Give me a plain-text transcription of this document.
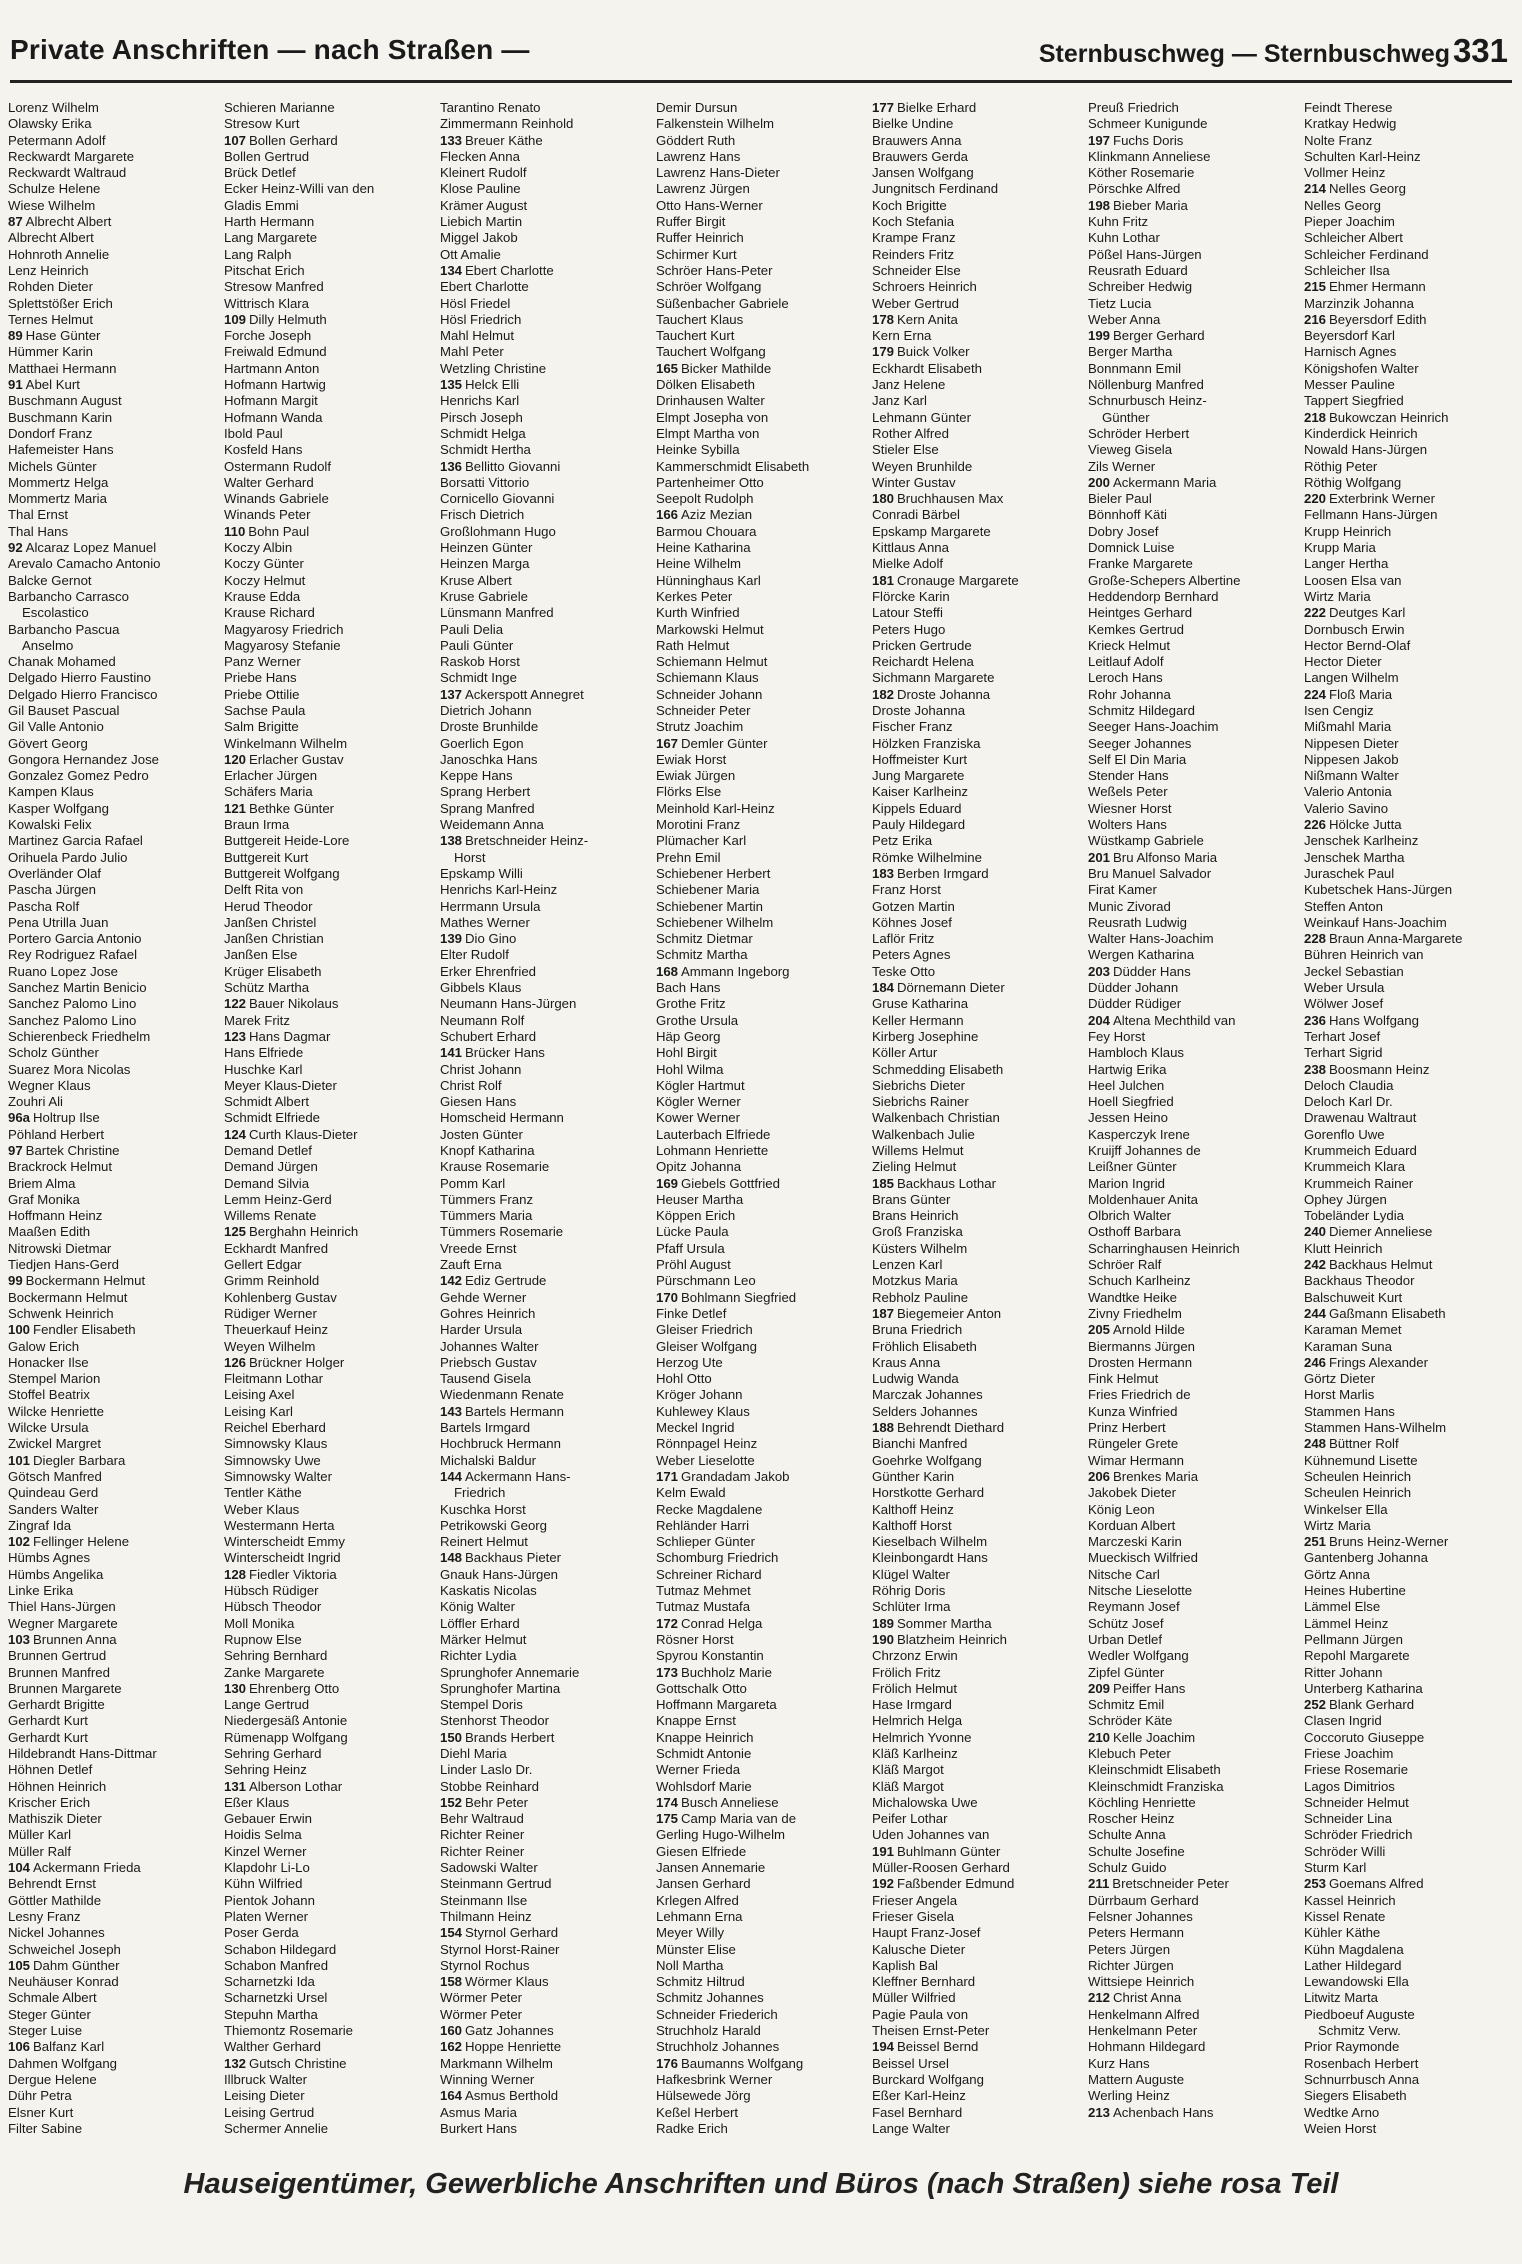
Private Anschriften — nach Straßen —	Sternbuschweg — Sternbuschweg 331
Lorenz Wilhelm
Olawsky Erika
Petermann Adolf
Reckwardt Margarete
Reckwardt Waltraud
Schulze Helene
Wiese Wilhelm
87 Albrecht Albert
Albrecht Albert
Hohnroth Annelie
Lenz Heinrich
Rohden Dieter
Splettstößer Erich
Ternes Helmut
89 Hase Günter
Hümmer Karin
Matthaei Hermann
91 Abel Kurt
Buschmann August
Buschmann Karin
Dondorf Franz
Hafemeister Hans
Michels Günter
Mommertz Helga
Mommertz Maria
Thal Ernst
Thal Hans
92 Alcaraz Lopez Manuel
Arevalo Camacho Antonio
Balcke Gernot
Barbancho Carrasco
Escolastico
Barbancho Pascua
Anselmo
Chanak Mohamed
Delgado Hierro Faustino
Delgado Hierro Francisco
Gil Bauset Pascual
Gil Valle Antonio
Gövert Georg
Gongora Hernandez Jose
Gonzalez Gomez Pedro
Kampen Klaus
Kasper Wolfgang
Kowalski Felix
Martinez Garcia Rafael
Orihuela Pardo Julio
Overländer Olaf
Pascha Jürgen
Pascha Rolf
Pena Utrilla Juan
Portero Garcia Antonio
Rey Rodriguez Rafael
Ruano Lopez Jose
Sanchez Martin Benicio
Sanchez Palomo Lino
Sanchez Palomo Lino
Schierenbeck Friedhelm
Scholz Günther
Suarez Mora Nicolas
Wegner Klaus
Zouhri Ali
96a Holtrup Ilse
Pöhland Herbert
97 Bartek Christine
Brackrock Helmut
Briem Alma
Graf Monika
Hoffmann Heinz
Maaßen Edith
Nitrowski Dietmar
Tiedjen Hans-Gerd
99 Bockermann Helmut
Bockermann Helmut
Schwenk Heinrich
100 Fendler Elisabeth
Galow Erich
Honacker Ilse
Stempel Marion
Stoffel Beatrix
Wilcke Henriette
Wilcke Ursula
Zwickel Margret
101 Diegler Barbara
Götsch Manfred
Quindeau Gerd
Sanders Walter
Zingraf Ida
102 Fellinger Helene
Hümbs Agnes
Hümbs Angelika
Linke Erika
Thiel Hans-Jürgen
Wegner Margarete
103 Brunnen Anna
Brunnen Gertrud
Brunnen Manfred
Brunnen Margarete
Gerhardt Brigitte
Gerhardt Kurt
Gerhardt Kurt
Hildebrandt Hans-Dittmar
Höhnen Detlef
Höhnen Heinrich
Krischer Erich
Mathiszik Dieter
Müller Karl
Müller Ralf
104 Ackermann Frieda
Behrendt Ernst
Göttler Mathilde
Lesny Franz
Nickel Johannes
Schweichel Joseph
105 Dahm Günther
Neuhäuser Konrad
Schmale Albert
Steger Günter
Steger Luise
106 Balfanz Karl
Dahmen Wolfgang
Dergue Helene
Dühr Petra
Elsner Kurt
Filter Sabine
Schieren Marianne
Stresow Kurt
107 Bollen Gerhard
Bollen Gertrud
Brück Detlef
Ecker Heinz-Willi van den
Gladis Emmi
Harth Hermann
Lang Margarete
Lang Ralph
Pitschat Erich
Stresow Manfred
Wittrisch Klara
109 Dilly Helmuth
Forche Joseph
Freiwald Edmund
Hartmann Anton
Hofmann Hartwig
Hofmann Margit
Hofmann Wanda
Ibold Paul
Kosfeld Hans
Ostermann Rudolf
Walter Gerhard
Winands Gabriele
Winands Peter
110 Bohn Paul
Koczy Albin
Koczy Günter
Koczy Helmut
Krause Edda
Krause Richard
Magyarosy Friedrich
Magyarosy Stefanie
Panz Werner
Priebe Hans
Priebe Ottilie
Sachse Paula
Salm Brigitte
Winkelmann Wilhelm
120 Erlacher Gustav
Erlacher Jürgen
Schäfers Maria
121 Bethke Günter
Braun Irma
Buttgereit Heide-Lore
Buttgereit Kurt
Buttgereit Wolfgang
Delft Rita von
Herud Theodor
Janßen Christel
Janßen Christian
Janßen Else
Krüger Elisabeth
Schütz Martha
122 Bauer Nikolaus
Marek Fritz
123 Hans Dagmar
Hans Elfriede
Huschke Karl
Meyer Klaus-Dieter
Schmidt Albert
Schmidt Elfriede
124 Curth Klaus-Dieter
Demand Detlef
Demand Jürgen
Demand Silvia
Lemm Heinz-Gerd
Willems Renate
125 Berghahn Heinrich
Eckhardt Manfred
Gellert Edgar
Grimm Reinhold
Kohlenberg Gustav
Rüdiger Werner
Theuerkauf Heinz
Weyen Wilhelm
126 Brückner Holger
Fleitmann Lothar
Leising Axel
Leising Karl
Reichel Eberhard
Simnowsky Klaus
Simnowsky Uwe
Simnowsky Walter
Tentler Käthe
Weber Klaus
Westermann Herta
Winterscheidt Emmy
Winterscheidt Ingrid
128 Fiedler Viktoria
Hübsch Rüdiger
Hübsch Theodor
Moll Monika
Rupnow Else
Sehring Bernhard
Zanke Margarete
130 Ehrenberg Otto
Lange Gertrud
Niedergesäß Antonie
Rümenapp Wolfgang
Sehring Gerhard
Sehring Heinz
131 Alberson Lothar
Eßer Klaus
Gebauer Erwin
Hoidis Selma
Kinzel Werner
Klapdohr Li-Lo
Kühn Wilfried
Pientok Johann
Platen Werner
Poser Gerda
Schabon Hildegard
Schabon Manfred
Scharnetzki Ida
Scharnetzki Ursel
Stepuhn Martha
Thiemontz Rosemarie
Walther Gerhard
132 Gutsch Christine
Illbruck Walter
Leising Dieter
Leising Gertrud
Schermer Annelie
Tarantino Renato
Zimmermann Reinhold
133 Breuer Käthe
Flecken Anna
Kleinert Rudolf
Klose Pauline
Krämer August
Liebich Martin
Miggel Jakob
Ott Amalie
134 Ebert Charlotte
Ebert Charlotte
Hösl Friedel
Hösl Friedrich
Mahl Helmut
Mahl Peter
Wetzling Christine
135 Helck Elli
Henrichs Karl
Pirsch Joseph
Schmidt Helga
Schmidt Hertha
136 Bellitto Giovanni
Borsatti Vittorio
Cornicello Giovanni
Frisch Dietrich
Großlohmann Hugo
Heinzen Günter
Heinzen Marga
Kruse Albert
Kruse Gabriele
Lünsmann Manfred
Pauli Delia
Pauli Günter
Raskob Horst
Schmidt Inge
137 Ackerspott Annegret
Dietrich Johann
Droste Brunhilde
Goerlich Egon
Janoschka Hans
Keppe Hans
Sprang Herbert
Sprang Manfred
Weidemann Anna
138 Bretschneider Heinz-
Horst
Epskamp Willi
Henrichs Karl-Heinz
Herrmann Ursula
Mathes Werner
139 Dio Gino
Elter Rudolf
Erker Ehrenfried
Gibbels Klaus
Neumann Hans-Jürgen
Neumann Rolf
Schubert Erhard
141 Brücker Hans
Christ Johann
Christ Rolf
Giesen Hans
Homscheid Hermann
Josten Günter
Knopf Katharina
Krause Rosemarie
Pomm Karl
Tümmers Franz
Tümmers Maria
Tümmers Rosemarie
Vreede Ernst
Zauft Erna
142 Ediz Gertrude
Gehde Werner
Gohres Heinrich
Harder Ursula
Johannes Walter
Priebsch Gustav
Tausend Gisela
Wiedenmann Renate
143 Bartels Hermann
Bartels Irmgard
Hochbruck Hermann
Michalski Baldur
144 Ackermann Hans-
Friedrich
Kuschka Horst
Petrikowski Georg
Reinert Helmut
148 Backhaus Pieter
Gnauk Hans-Jürgen
Kaskatis Nicolas
König Walter
Löffler Erhard
Märker Helmut
Richter Lydia
Sprunghofer Annemarie
Sprunghofer Martina
Stempel Doris
Stenhorst Theodor
150 Brands Herbert
Diehl Maria
Linder Laslo Dr.
Stobbe Reinhard
152 Behr Peter
Behr Waltraud
Richter Reiner
Richter Reiner
Sadowski Walter
Steinmann Gertrud
Steinmann Ilse
Thilmann Heinz
154 Styrnol Gerhard
Styrnol Horst-Rainer
Styrnol Rochus
158 Wörmer Klaus
Wörmer Peter
Wörmer Peter
160 Gatz Johannes
162 Hoppe Henriette
Markmann Wilhelm
Winning Werner
164 Asmus Berthold
Asmus Maria
Burkert Hans
Demir Dursun
Falkenstein Wilhelm
Göddert Ruth
Lawrenz Hans
Lawrenz Hans-Dieter
Lawrenz Jürgen
Otto Hans-Werner
Ruffer Birgit
Ruffer Heinrich
Schirmer Kurt
Schröer Hans-Peter
Schröer Wolfgang
Süßenbacher Gabriele
Tauchert Klaus
Tauchert Kurt
Tauchert Wolfgang
165 Bicker Mathilde
Dölken Elisabeth
Drinhausen Walter
Elmpt Josepha von
Elmpt Martha von
Heinke Sybilla
Kammerschmidt Elisabeth
Partenheimer Otto
Seepolt Rudolph
166 Aziz Mezian
Barmou Chouara
Heine Katharina
Heine Wilhelm
Hünninghaus Karl
Kerkes Peter
Kurth Winfried
Markowski Helmut
Rath Helmut
Schiemann Helmut
Schiemann Klaus
Schneider Johann
Schneider Peter
Strutz Joachim
167 Demler Günter
Ewiak Horst
Ewiak Jürgen
Flörks Else
Meinhold Karl-Heinz
Morotini Franz
Plümacher Karl
Prehn Emil
Schiebener Herbert
Schiebener Maria
Schiebener Martin
Schiebener Wilhelm
Schmitz Dietmar
Schmitz Martha
168 Ammann Ingeborg
Bach Hans
Grothe Fritz
Grothe Ursula
Häp Georg
Hohl Birgit
Hohl Wilma
Kögler Hartmut
Kögler Werner
Kower Werner
Lauterbach Elfriede
Lohmann Henriette
Opitz Johanna
169 Giebels Gottfried
Heuser Martha
Köppen Erich
Lücke Paula
Pfaff Ursula
Pröhl August
Pürschmann Leo
170 Bohlmann Siegfried
Finke Detlef
Gleiser Friedrich
Gleiser Wolfgang
Herzog Ute
Hohl Otto
Kröger Johann
Kuhlewey Klaus
Meckel Ingrid
Rönnpagel Heinz
Weber Lieselotte
171 Grandadam Jakob
Kelm Ewald
Recke Magdalene
Rehländer Harri
Schlieper Günter
Schomburg Friedrich
Schreiner Richard
Tutmaz Mehmet
Tutmaz Mustafa
172 Conrad Helga
Rösner Horst
Spyrou Konstantin
173 Buchholz Marie
Gottschalk Otto
Hoffmann Margareta
Knappe Ernst
Knappe Heinrich
Schmidt Antonie
Werner Frieda
Wohlsdorf Marie
174 Busch Anneliese
175 Camp Maria van de
Gerling Hugo-Wilhelm
Giesen Elfriede
Jansen Annemarie
Jansen Gerhard
Krlegen Alfred
Lehmann Erna
Meyer Willy
Münster Elise
Noll Martha
Schmitz Hiltrud
Schmitz Johannes
Schneider Friederich
Struchholz Harald
Struchholz Johannes
176 Baumanns Wolfgang
Hafkesbrink Werner
Hülsewede Jörg
Keßel Herbert
Radke Erich
177 Bielke Erhard
Bielke Undine
Brauwers Anna
Brauwers Gerda
Jansen Wolfgang
Jungnitsch Ferdinand
Koch Brigitte
Koch Stefania
Krampe Franz
Reinders Fritz
Schneider Else
Schroers Heinrich
Weber Gertrud
178 Kern Anita
Kern Erna
179 Buick Volker
Eckhardt Elisabeth
Janz Helene
Janz Karl
Lehmann Günter
Rother Alfred
Stieler Else
Weyen Brunhilde
Winter Gustav
180 Bruchhausen Max
Conradi Bärbel
Epskamp Margarete
Kittlaus Anna
Mielke Adolf
181 Cronauge Margarete
Flörcke Karin
Latour Steffi
Peters Hugo
Pricken Gertrude
Reichardt Helena
Sichmann Margarete
182 Droste Johanna
Droste Johanna
Fischer Franz
Hölzken Franziska
Hoffmeister Kurt
Jung Margarete
Kaiser Karlheinz
Kippels Eduard
Pauly Hildegard
Petz Erika
Römke Wilhelmine
183 Berben Irmgard
Franz Horst
Gotzen Martin
Köhnes Josef
Laflör Fritz
Peters Agnes
Teske Otto
184 Dörnemann Dieter
Gruse Katharina
Keller Hermann
Kirberg Josephine
Köller Artur
Schmedding Elisabeth
Siebrichs Dieter
Siebrichs Rainer
Walkenbach Christian
Walkenbach Julie
Willems Helmut
Zieling Helmut
185 Backhaus Lothar
Brans Günter
Brans Heinrich
Groß Franziska
Küsters Wilhelm
Lenzen Karl
Motzkus Maria
Rebholz Pauline
187 Biegemeier Anton
Bruna Friedrich
Fröhlich Elisabeth
Kraus Anna
Ludwig Wanda
Marczak Johannes
Selders Johannes
188 Behrendt Diethard
Bianchi Manfred
Goehrke Wolfgang
Günther Karin
Horstkotte Gerhard
Kalthoff Heinz
Kalthoff Horst
Kieselbach Wilhelm
Kleinbongardt Hans
Klügel Walter
Röhrig Doris
Schlüter Irma
189 Sommer Martha
190 Blatzheim Heinrich
Chrzonz Erwin
Frölich Fritz
Frölich Helmut
Hase Irmgard
Helmrich Helga
Helmrich Yvonne
Kläß Karlheinz
Kläß Margot
Kläß Margot
Michalowska Uwe
Peifer Lothar
Uden Johannes van
191 Buhlmann Günter
Müller-Roosen Gerhard
192 Faßbender Edmund
Frieser Angela
Frieser Gisela
Haupt Franz-Josef
Kalusche Dieter
Kaplish Bal
Kleffner Bernhard
Müller Wilfried
Pagie Paula von
Theisen Ernst-Peter
194 Beissel Bernd
Beissel Ursel
Burckard Wolfgang
Eßer Karl-Heinz
Fasel Bernhard
Lange Walter
Preuß Friedrich
Schmeer Kunigunde
197 Fuchs Doris
Klinkmann Anneliese
Köther Rosemarie
Pörschke Alfred
198 Bieber Maria
Kuhn Fritz
Kuhn Lothar
Pößel Hans-Jürgen
Reusrath Eduard
Schreiber Hedwig
Tietz Lucia
Weber Anna
199 Berger Gerhard
Berger Martha
Bonnmann Emil
Nöllenburg Manfred
Schnurbusch Heinz-
Günther
Schröder Herbert
Vieweg Gisela
Zils Werner
200 Ackermann Maria
Bieler Paul
Bönnhoff Käti
Dobry Josef
Domnick Luise
Franke Margarete
Große-Schepers Albertine
Heddendorp Bernhard
Heintges Gerhard
Kemkes Gertrud
Krieck Helmut
Leitlauf Adolf
Leroch Hans
Rohr Johanna
Schmitz Hildegard
Seeger Hans-Joachim
Seeger Johannes
Self El Din Maria
Stender Hans
Weßels Peter
Wiesner Horst
Wolters Hans
Wüstkamp Gabriele
201 Bru Alfonso Maria
Bru Manuel Salvador
Firat Kamer
Munic Zivorad
Reusrath Ludwig
Walter Hans-Joachim
Wergen Katharina
203 Düdder Hans
Düdder Johann
Düdder Rüdiger
204 Altena Mechthild van
Fey Horst
Hambloch Klaus
Hartwig Erika
Heel Julchen
Hoell Siegfried
Jessen Heino
Kasperczyk Irene
Kruijff Johannes de
Leißner Günter
Marion Ingrid
Moldenhauer Anita
Olbrich Walter
Osthoff Barbara
Scharringhausen Heinrich
Schröer Ralf
Schuch Karlheinz
Wandtke Heike
Zivny Friedhelm
205 Arnold Hilde
Biermanns Jürgen
Drosten Hermann
Fink Helmut
Fries Friedrich de
Kunza Winfried
Prinz Herbert
Rüngeler Grete
Wimar Hermann
206 Brenkes Maria
Jakobek Dieter
König Leon
Korduan Albert
Marczeski Karin
Mueckisch Wilfried
Nitsche Carl
Nitsche Lieselotte
Reymann Josef
Schütz Josef
Urban Detlef
Wedler Wolfgang
Zipfel Günter
209 Peiffer Hans
Schmitz Emil
Schröder Käte
210 Kelle Joachim
Klebuch Peter
Kleinschmidt Elisabeth
Kleinschmidt Franziska
Köchling Henriette
Roscher Heinz
Schulte Anna
Schulte Josefine
Schulz Guido
211 Bretschneider Peter
Dürrbaum Gerhard
Felsner Johannes
Peters Hermann
Peters Jürgen
Richter Jürgen
Wittsiepe Heinrich
212 Christ Anna
Henkelmann Alfred
Henkelmann Peter
Hohmann Hildegard
Kurz Hans
Mattern Auguste
Werling Heinz
213 Achenbach Hans
Feindt Therese
Kratkay Hedwig
Nolte Franz
Schulten Karl-Heinz
Vollmer Heinz
214 Nelles Georg
Nelles Georg
Pieper Joachim
Schleicher Albert
Schleicher Ferdinand
Schleicher Ilsa
215 Ehmer Hermann
Marzinzik Johanna
216 Beyersdorf Edith
Beyersdorf Karl
Harnisch Agnes
Königshofen Walter
Messer Pauline
Tappert Siegfried
218 Bukowczan Heinrich
Kinderdick Heinrich
Nowald Hans-Jürgen
Röthig Peter
Röthig Wolfgang
220 Exterbrink Werner
Fellmann Hans-Jürgen
Krupp Heinrich
Krupp Maria
Langer Hertha
Loosen Elsa van
Wirtz Maria
222 Deutges Karl
Dornbusch Erwin
Hector Bernd-Olaf
Hector Dieter
Langen Wilhelm
224 Floß Maria
Isen Cengiz
Mißmahl Maria
Nippesen Dieter
Nippesen Jakob
Nißmann Walter
Valerio Antonia
Valerio Savino
226 Hölcke Jutta
Jenschek Karlheinz
Jenschek Martha
Juraschek Paul
Kubetschek Hans-Jürgen
Steffen Anton
Weinkauf Hans-Joachim
228 Braun Anna-Margarete
Bühren Heinrich van
Jeckel Sebastian
Weber Ursula
Wölwer Josef
236 Hans Wolfgang
Terhart Josef
Terhart Sigrid
238 Boosmann Heinz
Deloch Claudia
Deloch Karl Dr.
Drawenau Waltraut
Gorenflo Uwe
Krummeich Eduard
Krummeich Klara
Krummeich Rainer
Ophey Jürgen
Tobeländer Lydia
240 Diemer Anneliese
Klutt Heinrich
242 Backhaus Helmut
Backhaus Theodor
Balschuweit Kurt
244 Gaßmann Elisabeth
Karaman Memet
Karaman Suna
246 Frings Alexander
Görtz Dieter
Horst Marlis
Stammen Hans
Stammen Hans-Wilhelm
248 Büttner Rolf
Kühnemund Lisette
Scheulen Heinrich
Scheulen Heinrich
Winkelser Ella
Wirtz Maria
251 Bruns Heinz-Werner
Gantenberg Johanna
Görtz Anna
Heines Hubertine
Lämmel Else
Lämmel Heinz
Pellmann Jürgen
Repohl Margarete
Ritter Johann
Unterberg Katharina
252 Blank Gerhard
Clasen Ingrid
Coccoruto Giuseppe
Friese Joachim
Friese Rosemarie
Lagos Dimitrios
Schneider Helmut
Schneider Lina
Schröder Friedrich
Schröder Willi
Sturm Karl
253 Goemans Alfred
Kassel Heinrich
Kissel Renate
Kühler Käthe
Kühn Magdalena
Lather Hildegard
Lewandowski Ella
Litwitz Marta
Piedboeuf Auguste
Schmitz Verw.
Prior Raymonde
Rosenbach Herbert
Schnurrbusch Anna
Siegers Elisabeth
Wedtke Arno
Weien Horst
Hauseigentümer, Gewerbliche Anschriften und Büros (nach Straßen) siehe rosa Teil
